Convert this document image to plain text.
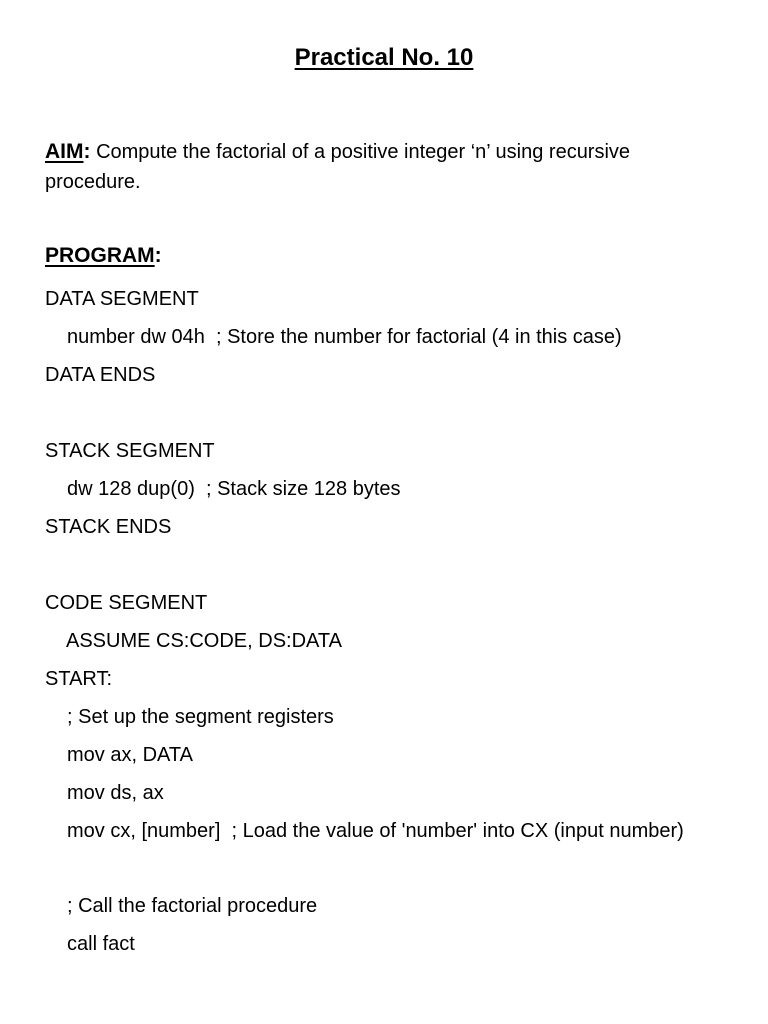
Practical No. 10
AIM: Compute the factorial of a positive integer ‘n’ using recursive procedure.
PROGRAM:
DATA SEGMENT
number dw 04h  ; Store the number for factorial (4 in this case)
DATA ENDS
STACK SEGMENT
dw 128 dup(0)  ; Stack size 128 bytes
STACK ENDS
CODE SEGMENT
ASSUME CS:CODE, DS:DATA
START:
; Set up the segment registers
mov ax, DATA
mov ds, ax
mov cx, [number]  ; Load the value of 'number' into CX (input number)
; Call the factorial procedure
call fact
